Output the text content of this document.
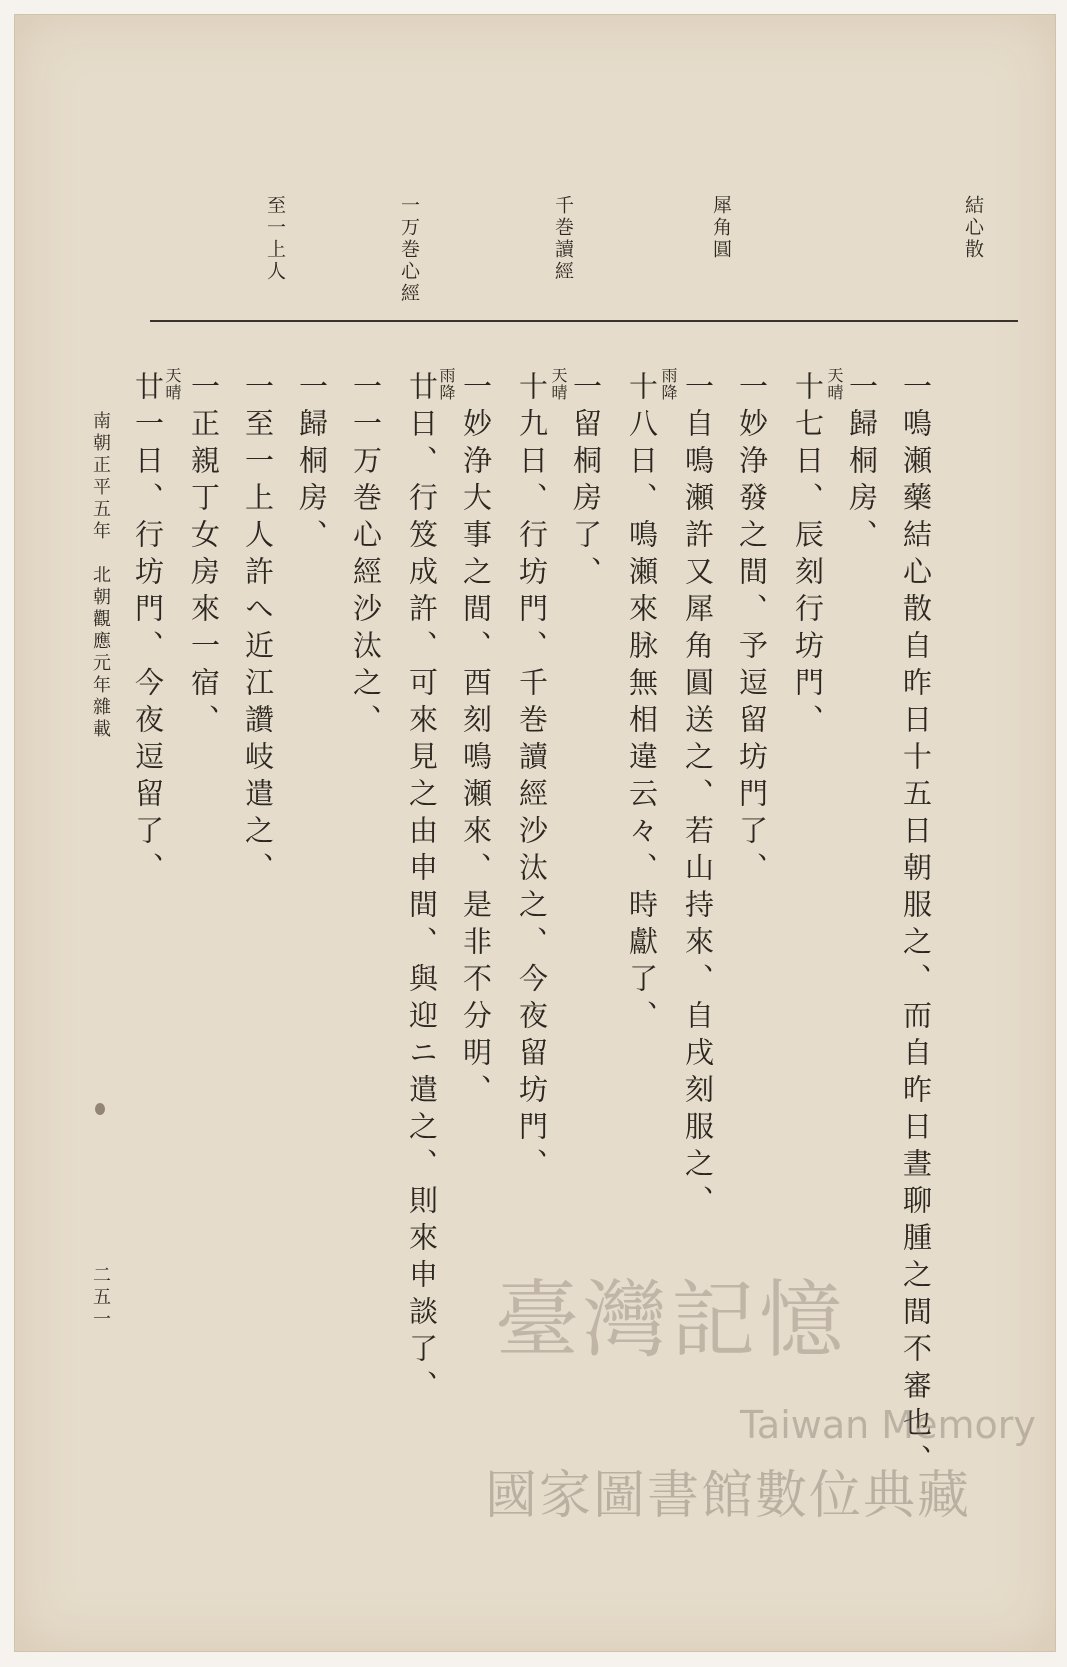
結心散
犀角圓
千巻讀經
一万巻心經
至一上人
一鳴瀬藥結心散自昨日十五日朝服之、而自昨日晝聊腫之間不審也、
一歸桐房、
十七日、辰刻行坊門、 天晴
一妙浄發之間、予逗留坊門了、
一自鳴瀬許又犀角圓送之、若山持來、自戌刻服之、
十八日、鳴瀬來脉無相違云々、時獻了、 雨降
一留桐房了、
十九日、行坊門、千巻讀經沙汰之、今夜留坊門、 天晴
一妙浄大事之間、酉刻鳴瀬來、是非不分明、
廿日、行笈成許、可來見之由申間、與迎ニ遣之、則來申談了、
雨降
一一万巻心經沙汰之、
一歸桐房、
一至一上人許へ近江讚岐遣之、
一正親丁女房來一宿、
廿一日、行坊門、今夜逗留了、
天晴
南朝正平五年　北朝觀應元年雜載
二五一	臺灣記憶
Taiwan Memory
國家圖書館數位典藏
